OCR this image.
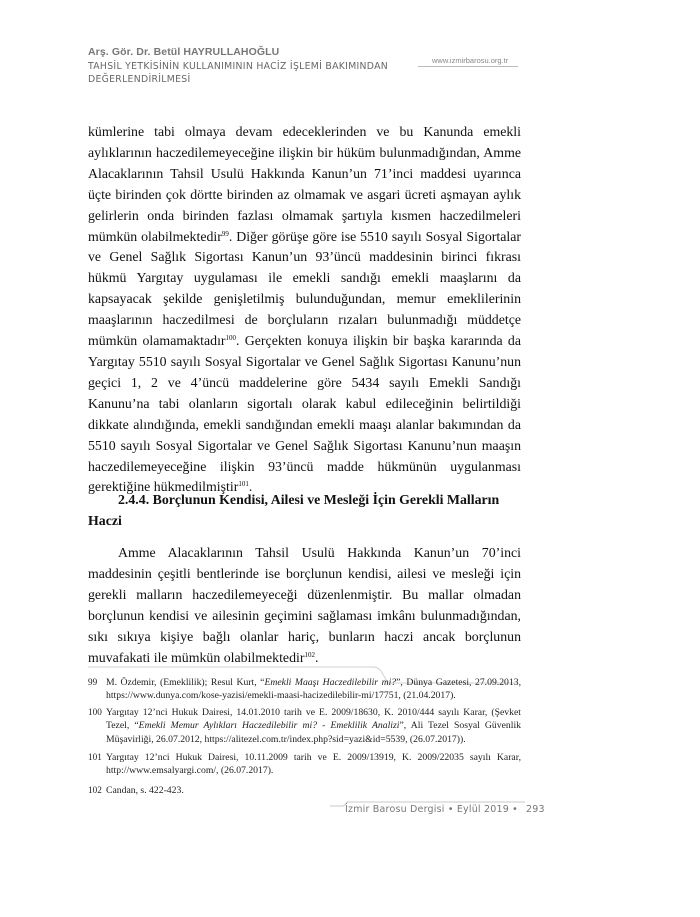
Arş. Gör. Dr. Betül HAYRULLAHOĞLU
TAHSİL YETKİSİNİN KULLANIMININ HACİZ İŞLEMİ BAKIMINDAN DEĞERLENDİRİLMESİ
www.izmirbarosu.org.tr

kümlerine tabi olmaya devam edeceklerinden ve bu Kanunda emekli aylıklarının haczedilemeyeceğine ilişkin bir hüküm bulunmadığından, Amme Alacaklarının Tahsil Usulü Hakkında Kanun’un 71’inci maddesi uyarınca üçte birinden çok dörtte birinden az olmamak ve asgari ücreti aşmayan aylık gelirlerin onda birinden fazlası olmamak şartıyla kısmen haczedilmeleri mümkün olabilmektedir$^{99}$. Diğer görüşe göre ise 5510 sayılı Sosyal Sigortalar ve Genel Sağlık Sigortası Kanun’un 93’üncü maddesinin birinci fıkrası hükmü Yargıtay uygulaması ile emekli sandığı emekli maaşlarını da kapsayacak şekilde genişletilmiş bulunduğundan, memur emeklilerinin maaşlarının haczedilmesi de borçluların rızaları bulunmadığı müddetçe mümkün olamamaktadır$^{100}$. Gerçekten konuya ilişkin bir başka kararında da Yargıtay 5510 sayılı Sosyal Sigortalar ve Genel Sağlık Sigortası Kanunu’nun geçici 1, 2 ve 4’üncü maddelerine göre 5434 sayılı Emekli Sandığı Kanunu’na tabi olanların sigortalı olarak kabul edileceğinin belirtildiği dikkate alındığında, emekli sandığından emekli maaşı alanlar bakımından da 5510 sayılı Sosyal Sigortalar ve Genel Sağlık Sigortası Kanunu’nun maaşın haczedilemeyeceğine ilişkin 93’üncü madde hükmünün uygulanması gerektiğine hükmedilmiştir$^{101}$.

2.4.4. Borçlunun Kendisi, Ailesi ve Mesleği İçin Gerekli Malların Haczi

Amme Alacaklarının Tahsil Usulü Hakkında Kanun’un 70’inci maddesinin çeşitli bentlerinde ise borçlunun kendisi, ailesi ve mesleği için gerekli malların haczedilemeyeceği düzenlenmiştir. Bu mallar olmadan borçlunun kendisi ve ailesinin geçimini sağlaması imkânı bulunmadığından, sıkı sıkıya kişiye bağlı olanlar hariç, bunların haczi ancak borçlunun muvafakati ile mümkün olabilmektedir$^{102}$.

99 M. Özdemir, (Emeklilik); Resul Kurt, “Emekli Maaşı Haczedilebilir mi?”, Dünya Gazetesi, 27.09.2013, https://www.dunya.com/kose-yazisi/emekli-maasi-hacizedilebilir-mi/17751, (21.04.2017).
100 Yargıtay 12’nci Hukuk Dairesi, 14.01.2010 tarih ve E. 2009/18630, K. 2010/444 sayılı Karar, (Şevket Tezel, “Emekli Memur Aylıkları Haczedilebilir mi? - Emeklilik Analizi”, Ali Tezel Sosyal Güvenlik Müşavirliği, 26.07.2012, https://alitezel.com.tr/index.php?sid=yazi&id=5539, (26.07.2017)).
101 Yargıtay 12’nci Hukuk Dairesi, 10.11.2009 tarih ve E. 2009/13919, K. 2009/22035 sayılı Karar, http://www.emsalyargi.com/, (26.07.2017).
102 Candan, s. 422-423.
İzmir Barosu Dergisi • Eylül 2019 • 293
